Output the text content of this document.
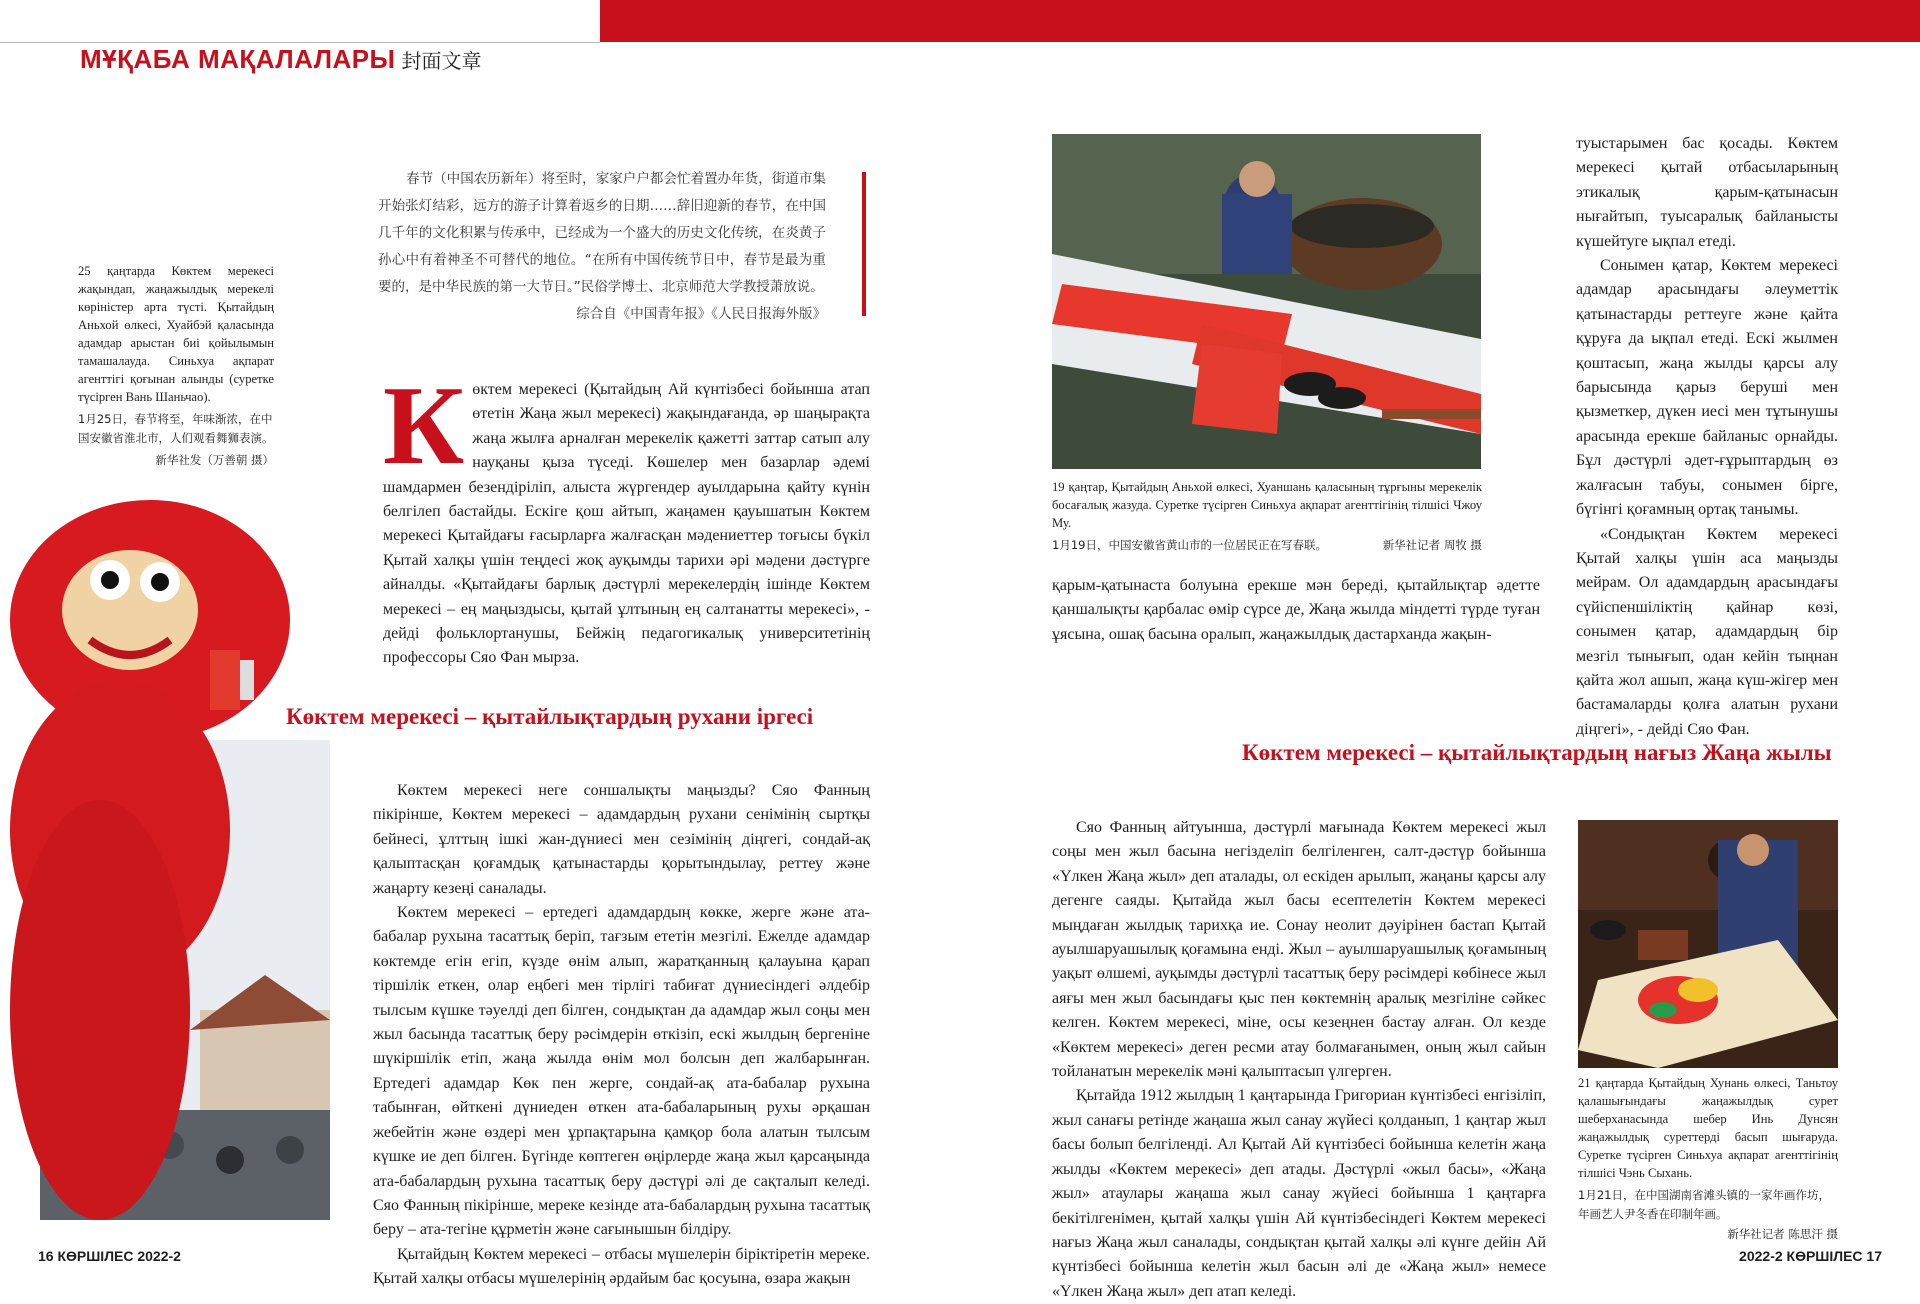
МҰҚАБА МАҚАЛАЛАРЫ 封面文章
春节（中国农历新年）将至时，家家户户都会忙着置办年货，街道市集开始张灯结彩，远方的游子计算着返乡的日期……辞旧迎新的春节，在中国几千年的文化积累与传承中，已经成为一个盛大的历史文化传统，在炎黄子孙心中有着神圣不可替代的地位。“在所有中国传统节日中，春节是最为重要的，是中华民族的第一大节日。”民俗学博士、北京师范大学教授萧放说。
综合自《中国青年报》《人民日报海外版》
25 қаңтарда Көктем мерекесі жақындап, жаңажылдық мерекелі көріністер арта түсті. Қытайдың Аньхой өлкесі, Хуайбэй қаласында адамдар арыстан биі қойылымын тамашалауда. Синьхуа ақпарат агенттігі қоғынан алынды (суретке түсірген Вань Шаньчао).
1月25日，春节将至，年味渐浓，在中国安徽省淮北市，人们观看舞狮表演。
新华社发（万善朝 摄） Көктем мерекесі (Қытайдың Ай күнтізбесі бойынша атап өтетін Жаңа жыл мерекесі) жақындағанда, әр шаңырақта жаңа жылға арналған мерекелік қажетті заттар сатып алу науқаны қыза түседі. Көшелер мен базарлар әдемі шамдармен безендіріліп, алыста жүргендер ауылдарына қайту күнін белгілеп бастайды. Ескіге қош айтып, жаңамен қауышатын Көктем мерекесі Қытайдағы ғасырларға жалғасқан мәдениеттер тоғысы бүкіл Қытай халқы үшін теңдесі жоқ ауқымды тарихи әрі мәдени дәстүрге айналды. «Қытайдағы барлық дәстүрлі мерекелердің ішінде Көктем мерекесі – ең маңыздысы, қытай ұлтының ең салтанатты мерекесі», - дейді фольклортанушы, Бейжің педагогикалық университетінің профессоры Сяо Фан мырза.
Көктем мерекесі – қытайлықтардың рухани іргесі

Көктем мерекесі неге соншалықты маңызды? Сяо Фанның пікірінше, Көктем мерекесі – адамдардың рухани сенімінің сыртқы бейнесі, ұлттың ішкі жан-дүниесі мен сезімінің діңгегі, сондай-ақ қалыптасқан қоғамдық қатынастарды қорытындылау, реттеу және жаңарту кезеңі саналады.

Көктем мерекесі – ертедегі адамдардың көкке, жерге және ата-бабалар рухына тасаттық беріп, тағзым ететін мезгілі. Ежелде адамдар көктемде егін егіп, күзде өнім алып, жаратқанның қалауына қарап тіршілік еткен, олар еңбегі мен тірлігі табиғат дүниесіндегі әлдебір тылсым күшке тәуелді деп білген, сондықтан да адамдар жыл соңы мен жыл басында тасаттық беру рәсімдерін өткізіп, ескі жылдың бергеніне шүкіршілік етіп, жаңа жылда өнім мол болсын деп жалбарынған. Ертедегі адамдар Көк пен жерге, сондай-ақ ата-бабалар рухына табынған, өйткені дүниеден өткен ата-бабаларының рухы әрқашан жебейтін және өздері мен ұрпақтарына қамқор бола алатын тылсым күшке ие деп білген. Бүгінде көптеген өңірлерде жаңа жыл қарсаңында ата-бабалардың рухына тасаттық беру дәстүрі әлі де сақталып келеді. Сяо Фанның пікірінше, мереке кезінде ата-бабалардың рухына тасаттық беру – ата-тегіне құрметін және сағынышын білдіру.

Қытайдың Көктем мерекесі – отбасы мүшелерін біріктіретін мереке. Қытай халқы отбасы мүшелерінің әрдайым бас қосуына, өзара жақын

16 КӨРШІЛЕС 2022-2
19 қаңтар, Қытайдың Аньхой өлкесі, Хуаншань қаласының тұрғыны мерекелік босағалық жазуда. Суретке түсірген Синьхуа ақпарат агенттігінің тілшісі Чжоу Му.
1月19日，中国安徽省黄山市的一位居民正在写春联。	新华社记者 周牧 摄
қарым-қатынаста болуына ерекше мән береді, қытайлықтар әдетте қаншалықты қарбалас өмір сүрсе де, Жаңа жылда міндетті түрде туған ұясына, ошақ басына оралып, жаңажылдық дастарханда жақын-

туыстарымен бас қосады. Көктем мерекесі қытай отбасыларының этикалық қарым-қатынасын нығайтып, туысаралық байланысты күшейтуге ықпал етеді.

Сонымен қатар, Көктем мерекесі адамдар арасындағы әлеуметтік қатынастарды реттеуге және қайта құруға да ықпал етеді. Ескі жылмен қоштасып, жаңа жылды қарсы алу барысында қарыз беруші мен қызметкер, дүкен иесі мен тұтынушы арасында ерекше байланыс орнайды. Бұл дәстүрлі әдет-ғұрыптардың өз жалғасын табуы, сонымен бірге, бүгінгі қоғамның ортақ танымы.

«Сондықтан Көктем мерекесі Қытай халқы үшін аса маңызды мейрам. Ол адамдардың арасындағы сүйіспеншіліктің қайнар көзі, сонымен қатар, адамдардың бір мезгіл тынығып, одан кейін тыңнан қайта жол ашып, жаңа күш-жігер мен бастамаларды қолға алатын рухани діңгегі», - дейді Сяо Фан.

Көктем мерекесі – қытайлықтардың нағыз Жаңа жылы

Сяо Фанның айтуынша, дәстүрлі мағынада Көктем мерекесі жыл соңы мен жыл басына негізделіп белгіленген, салт-дәстүр бойынша «Үлкен Жаңа жыл» деп аталады, ол ескіден арылып, жаңаны қарсы алу дегенге саяды. Қытайда жыл басы есептелетін Көктем мерекесі мыңдаған жылдық тарихқа ие. Сонау неолит дәуірінен бастап Қытай ауылшаруашылық қоғамына енді. Жыл – ауылшаруашылық қоғамының уақыт өлшемі, ауқымды дәстүрлі тасаттық беру рәсімдері көбінесе жыл аяғы мен жыл басындағы қыс пен көктемнің аралық мезгіліне сәйкес келген. Көктем мерекесі, міне, осы кезеңнен бастау алған. Ол кезде «Көктем мерекесі» деген ресми атау болмағанымен, оның жыл сайын тойланатын мерекелік мәні қалыптасып үлгерген.

Қытайда 1912 жылдың 1 қаңтарында Григориан күнтізбесі енгізіліп, жыл санағы ретінде жаңаша жыл санау жүйесі қолданып, 1 қаңтар жыл басы болып белгіленді. Ал Қытай Ай күнтізбесі бойынша келетін жаңа жылды «Көктем мерекесі» деп атады. Дәстүрлі «жыл басы», «Жаңа жыл» атаулары жаңаша жыл санау жүйесі бойынша 1 қаңтарға бекітілгенімен, қытай халқы үшін Ай күнтізбесіндегі Көктем мерекесі нағыз Жаңа жыл саналады, сондықтан қытай халқы әлі күнге дейін Ай күнтізбесі бойынша келетін жыл басын әлі де «Жаңа жыл» немесе «Үлкен Жаңа жыл» деп атап келеді.

21 қаңтарда Қытайдың Хунань өлкесі, Таньтоу қалашығындағы жаңажылдық сурет шеберханасында шебер Инь Дунсян жаңажылдық суреттерді басып шығаруда. Суретке түсірген Синьхуа ақпарат агенттігінің тілшісі Чэнь Сыхань.
1月21日，在中国湖南省滩头镇的一家年画作坊，年画艺人尹冬香在印制年画。
新华社记者 陈思汗 摄
2022-2 КӨРШІЛЕС 17
